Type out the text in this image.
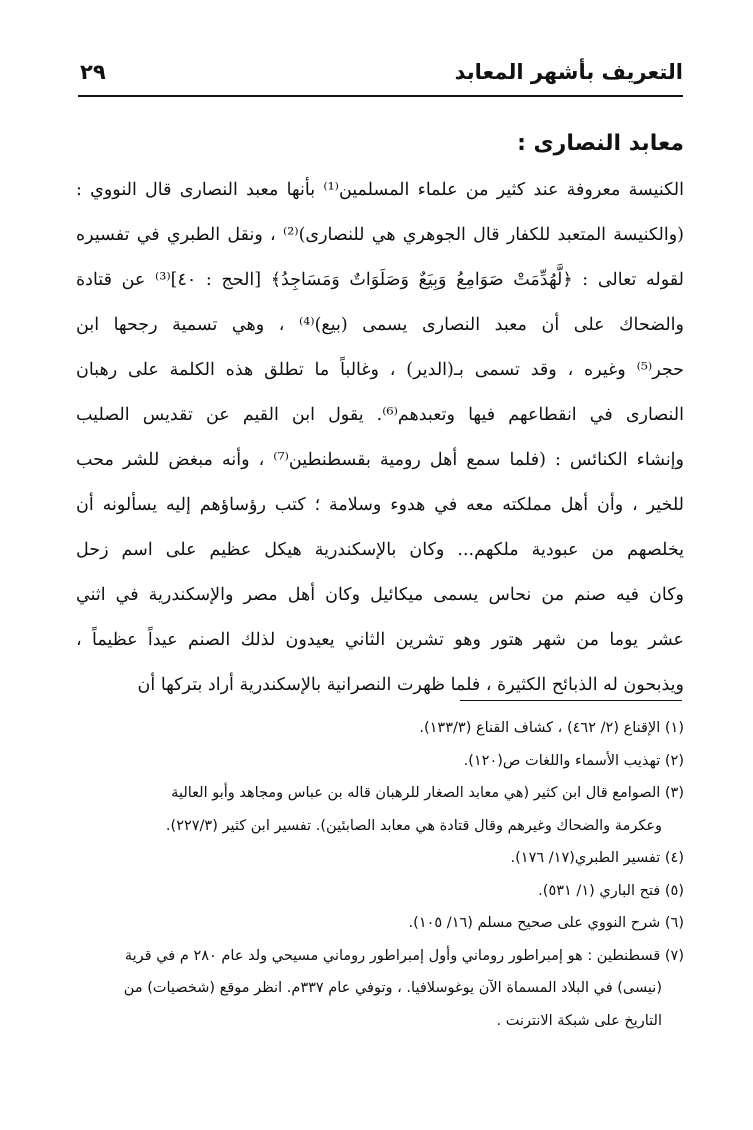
التعريف بأشهر المعابد
٢٩
معابد النصارى :
الكنيسة معروفة عند كثير من علماء المسلمين⁽¹⁾ بأنها معبد النصارى قال النووي :
(والكنيسة المتعبد للكفار قال الجوهري هي للنصارى)⁽²⁾ ، ونقل الطبري في تفسيره
لقوله تعالى : ﴿لَّهُدِّمَتْ صَوَامِعُ وَبِيَعٌ وَصَلَوَاتٌ وَمَسَاجِدُ﴾ [الحج : ٤٠]⁽³⁾ عن قتادة
والضحاك على أن معبد النصارى يسمى (بيع)⁽⁴⁾ ، وهي تسمية رجحها ابن
حجر⁽⁵⁾ وغيره ، وقد تسمى بـ(الدير) ، وغالباً ما تطلق هذه الكلمة على رهبان
النصارى في انقطاعهم فيها وتعبدهم⁽⁶⁾. يقول ابن القيم عن تقديس الصليب
وإنشاء الكنائس : (فلما سمع أهل رومية بقسطنطين⁽⁷⁾ ، وأنه مبغض للشر محب
للخير ، وأن أهل مملكته معه في هدوء وسلامة ؛ كتب رؤساؤهم إليه يسألونه أن
يخلصهم من عبودية ملكهم... وكان بالإسكندرية هيكل عظيم على اسم زحل
وكان فيه صنم من نحاس يسمى ميكائيل وكان أهل مصر والإسكندرية في اثني
عشر يوما من شهر هتور وهو تشرين الثاني يعيدون لذلك الصنم عيداً عظيماً ،
ويذبحون له الذبائح الكثيرة ، فلما ظهرت النصرانية بالإسكندرية أراد بتركها أن
(١) الإقناع (٢/ ٤٦٢) ، كشاف القناع (١٣٣/٣).
(٢) تهذيب الأسماء واللغات ص(١٢٠).
(٣) الصوامع قال ابن كثير (هي معابد الصغار للرهبان قاله بن عباس ومجاهد وأبو العالية
وعكرمة والضحاك وغيرهم وقال قتادة هي معابد الصابئين). تفسير ابن كثير (٢٢٧/٣).
(٤) تفسير الطبري(١٧/ ١٧٦).
(٥) فتح الباري (١/ ٥٣١).
(٦) شرح النووي على صحيح مسلم (١٦/ ١٠٥).
(٧) قسطنطين : هو إمبراطور روماني وأول إمبراطور روماني مسيحي ولد عام ٢٨٠ م في قرية
(نيسى) في البلاد المسماة الآن يوغوسلافيا. ، وتوفي عام ٣٣٧م. انظر موقع (شخصيات) من
التاريخ على شبكة الانترنت .
